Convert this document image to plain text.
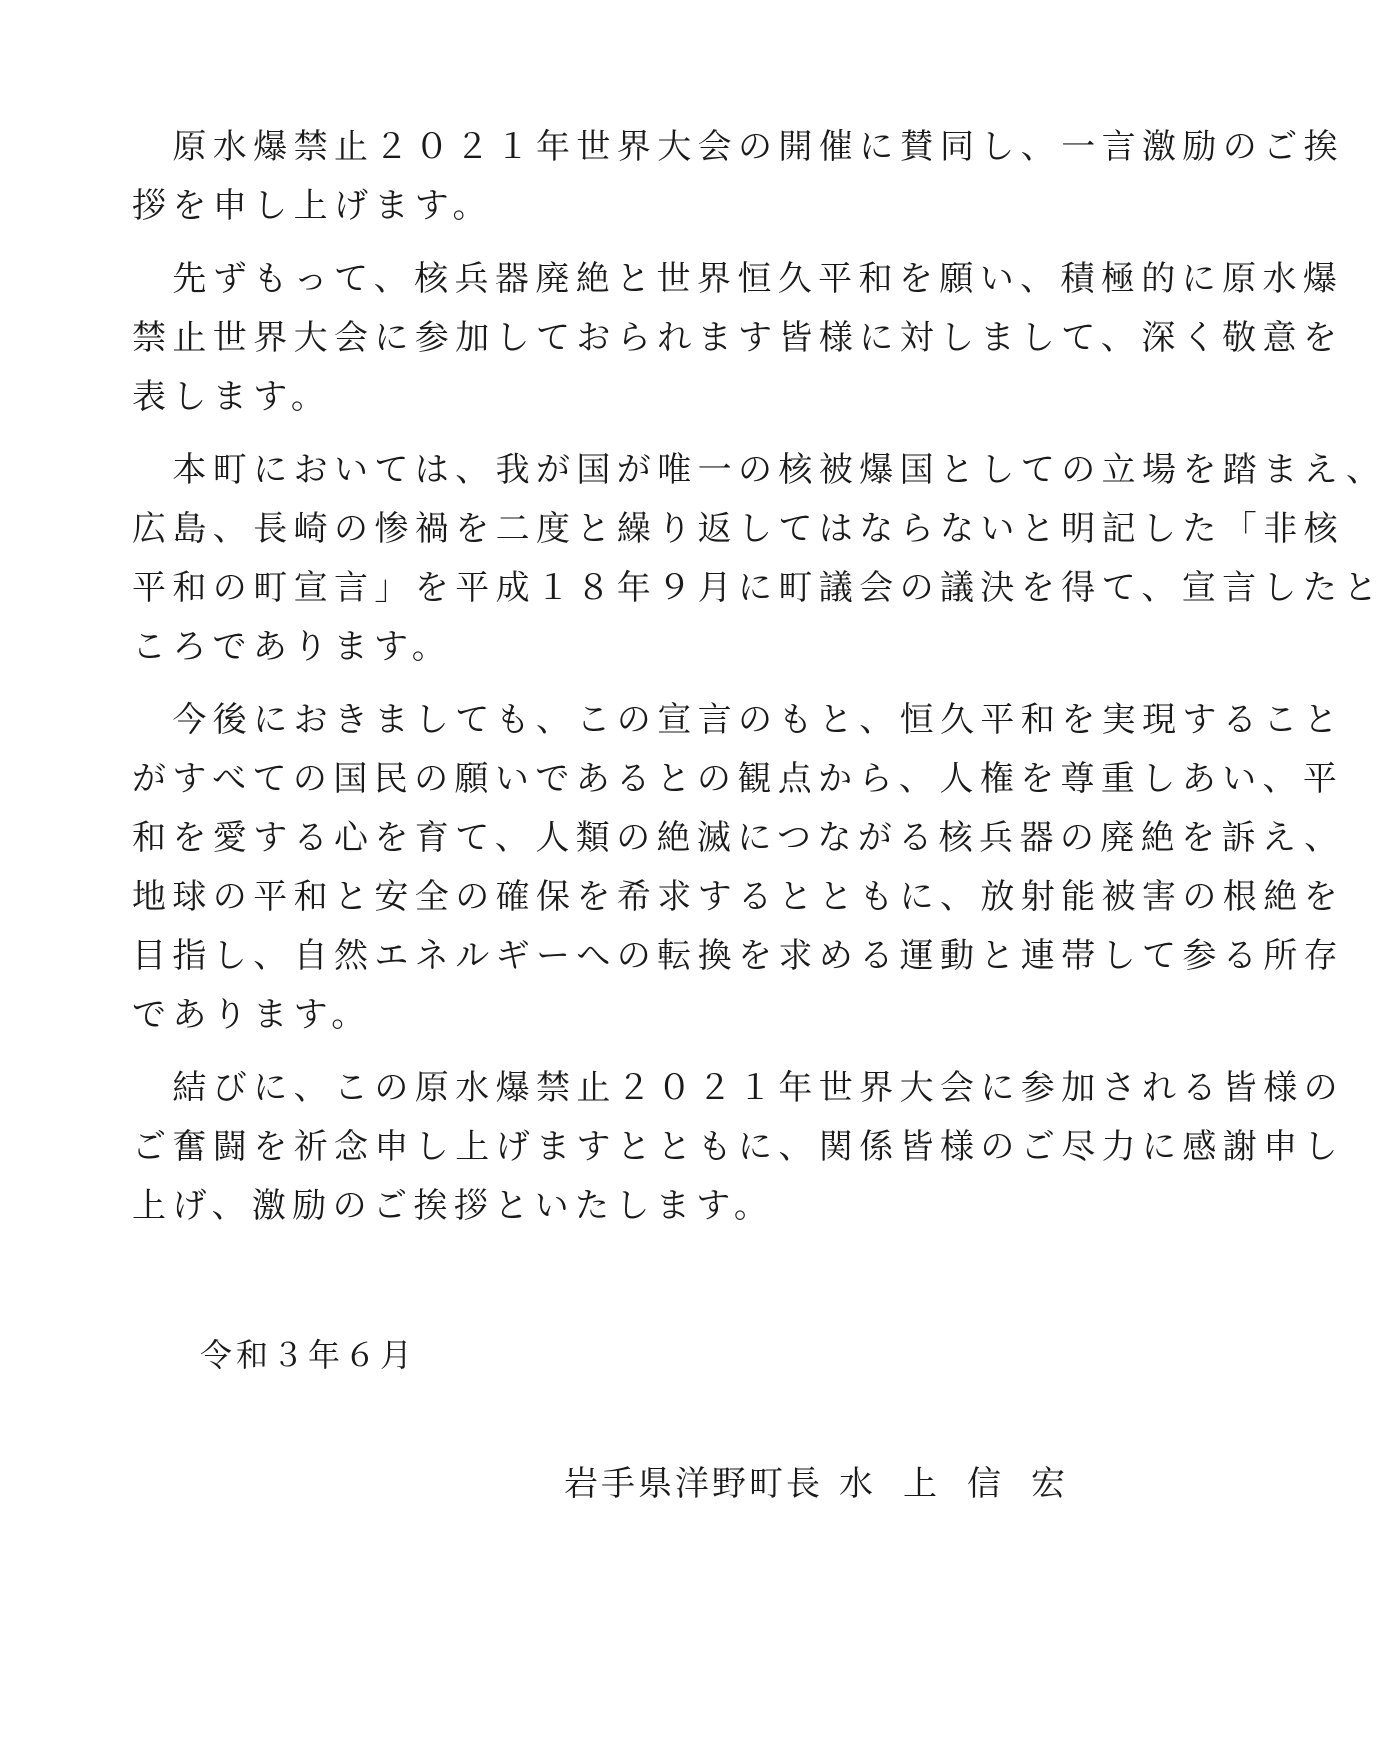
　原水爆禁止２０２１年世界大会の開催に賛同し、一言激励のご挨
拶を申し上げます。
　先ずもって、核兵器廃絶と世界恒久平和を願い、積極的に原水爆
禁止世界大会に参加しておられます皆様に対しまして、深く敬意を
表します。
　本町においては、我が国が唯一の核被爆国としての立場を踏まえ、
広島、長崎の惨禍を二度と繰り返してはならないと明記した「非核
平和の町宣言」を平成１８年９月に町議会の議決を得て、宣言したと
ころであります。
　今後におきましても、この宣言のもと、恒久平和を実現すること
がすべての国民の願いであるとの観点から、人権を尊重しあい、平
和を愛する心を育て、人類の絶滅につながる核兵器の廃絶を訴え、
地球の平和と安全の確保を希求するとともに、放射能被害の根絶を
目指し、自然エネルギーへの転換を求める運動と連帯して参る所存
であります。
　結びに、この原水爆禁止２０２１年世界大会に参加される皆様の
ご奮闘を祈念申し上げますとともに、関係皆様のご尽力に感謝申し
上げ、激励のご挨拶といたします。
令和３年６月
岩手県洋野町長 水上信宏
